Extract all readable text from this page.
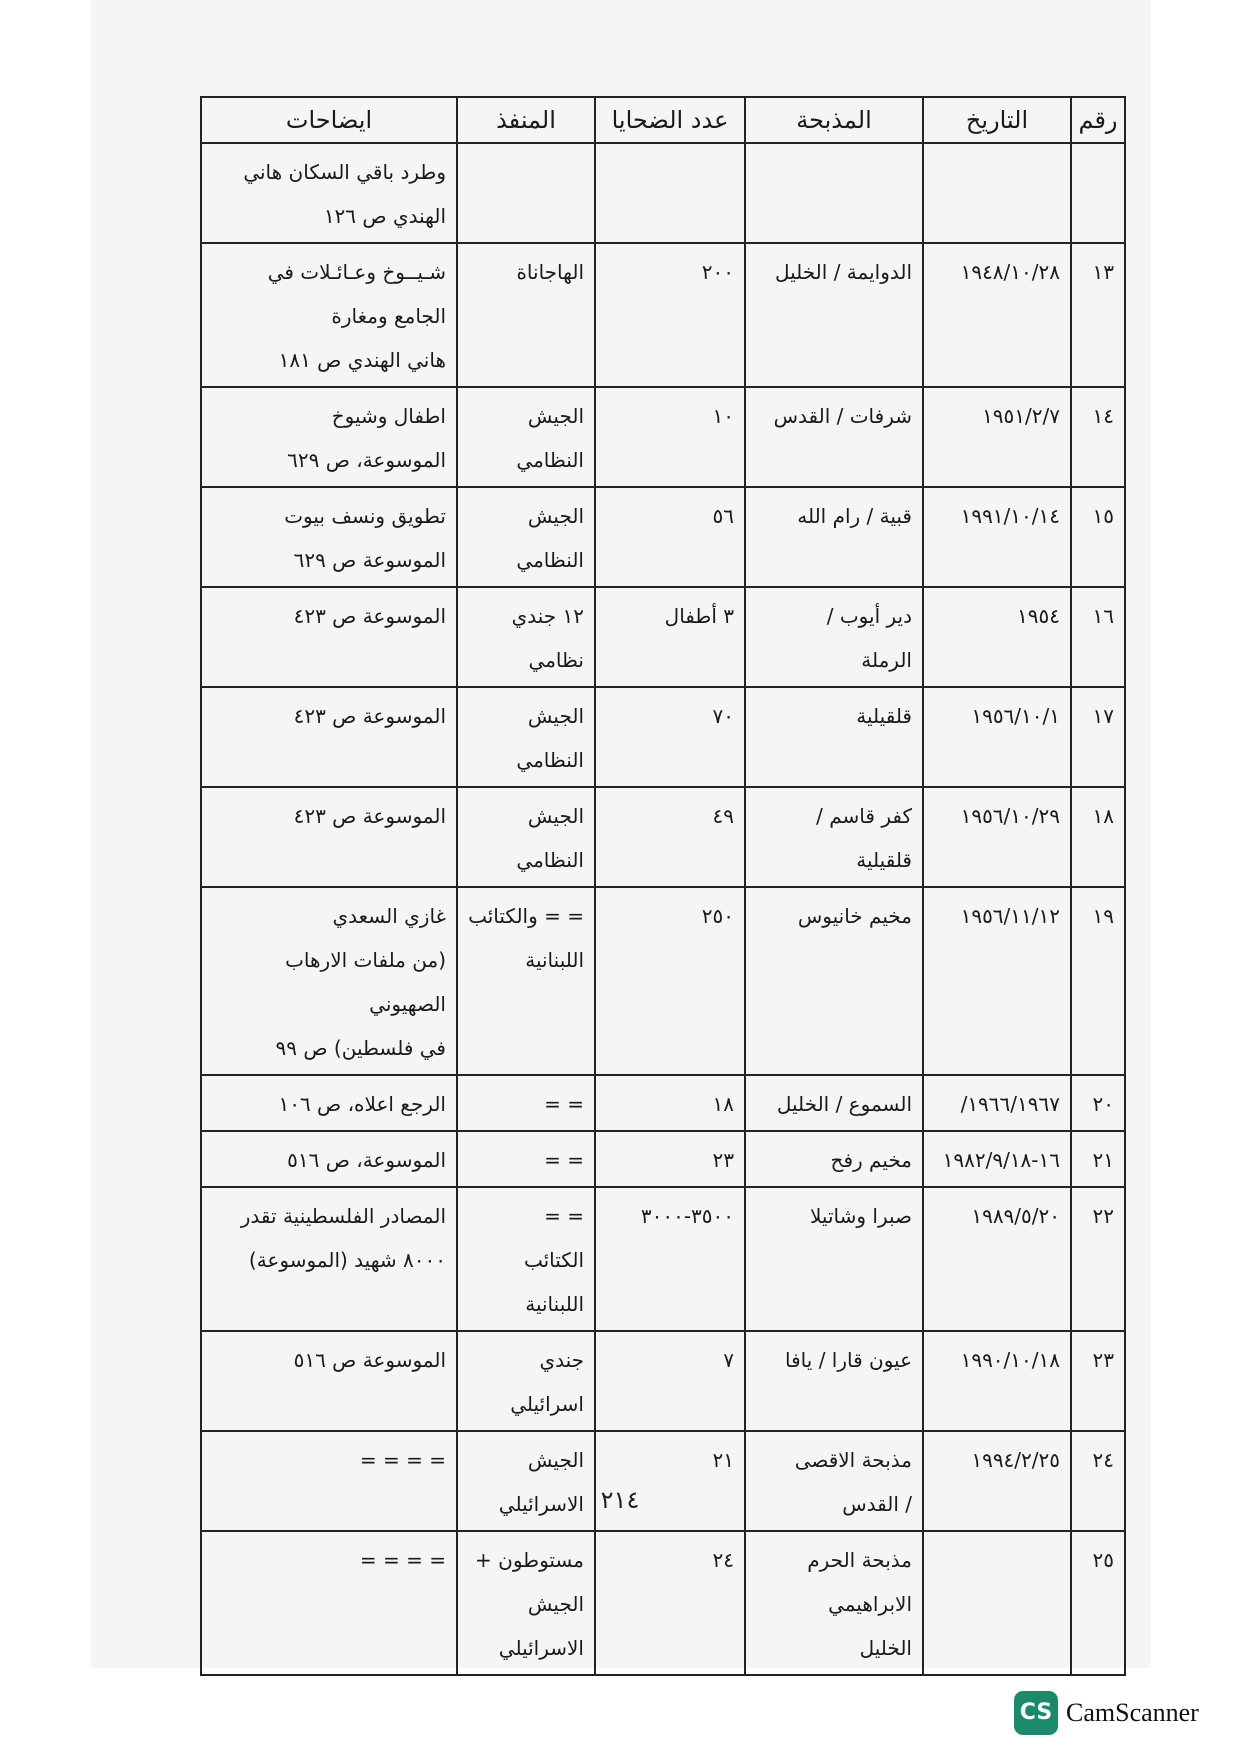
رقم	التاريخ	المذبحة	عدد الضحايا	المنفذ	ايضاحات
					وطرد باقي السكان هاني
الهندي ص ١٢٦
١٣	١٩٤٨/١٠/٢٨	الدوايمة / الخليل	٢٠٠	الهاجاناة	شـيــوخ وعـائـلات في
الجامع ومغارة
هاني الهندي ص ١٨١
١٤	١٩٥١/٢/٧	شرفات / القدس	١٠	الجيش
النظامي	اطفال وشيوخ
الموسوعة، ص ٦٢٩
١٥	١٩٩١/١٠/١٤	قبية / رام الله	٥٦	الجيش
النظامي	تطويق ونسف بيوت
الموسوعة ص ٦٢٩
١٦	١٩٥٤	دير أيوب /
الرملة	٣ أطفال	١٢ جندي
نظامي	الموسوعة ص ٤٢٣
١٧	١٩٥٦/١٠/١	قلقيلية	٧٠	الجيش
النظامي	الموسوعة ص ٤٢٣
١٨	١٩٥٦/١٠/٢٩	كفر قاسم /
قلقيلية	٤٩	الجيش
النظامي	الموسوعة ص ٤٢٣
١٩	١٩٥٦/١١/١٢	مخيم خانيوس	٢٥٠	= = والكتائب
اللبنانية	غازي السعدي
(من ملفات الارهاب الصهيوني
في فلسطين) ص ٩٩
٢٠	١٩٦٦/١٩٦٧/	السموع / الخليل	١٨	= =	الرجع اعلاه، ص ١٠٦
٢١	١٦-١٩٨٢/٩/١٨	مخيم رفح	٢٣	= =	الموسوعة، ص ٥١٦
٢٢	١٩٨٩/٥/٢٠	صبرا وشاتيلا	٣٥٠٠-٣٠٠٠	= =
الكتائب اللبنانية	المصادر الفلسطينية تقدر
٨٠٠٠ شهيد (الموسوعة)
٢٣	١٩٩٠/١٠/١٨	عيون قارا / يافا	٧	جندي
اسرائيلي	الموسوعة ص ٥١٦
٢٤	١٩٩٤/٢/٢٥	مذبحة الاقصى
/ القدس	٢١	الجيش
الاسرائيلي	= = = =
٢٥		مذبحة الحرم
الابراهيمي
الخليل	٢٤	مستوطون +
الجيش
الاسرائيلي	= = = =
٢١٤
CS CamScanner
